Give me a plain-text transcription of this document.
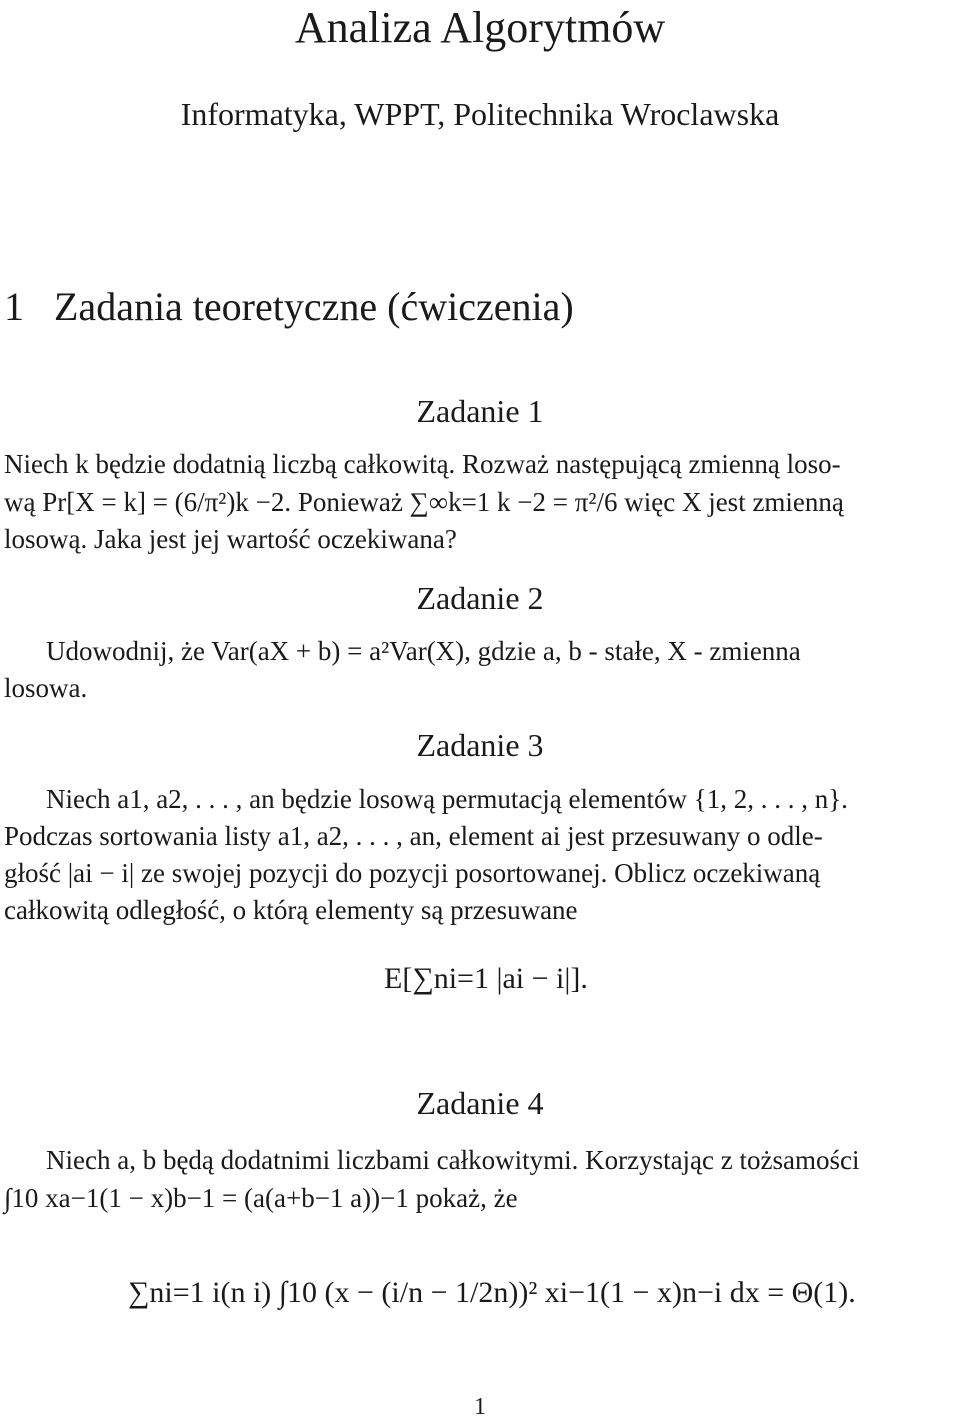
Analiza Algorytmów
Informatyka, WPPT, Politechnika Wroclawska
1 Zadania teoretyczne (ćwiczenia)
Zadanie 1
Niech k będzie dodatnią liczbą całkowitą. Rozważ następującą zmienną loso-
wą Pr[X = k] = (6/π²)k −2. Ponieważ ∑∞k=1 k −2 = π²/6 więc X jest zmienną
losową. Jaka jest jej wartość oczekiwana?
Zadanie 2
Udowodnij, że Var(aX + b) = a²Var(X), gdzie a, b - stałe, X - zmienna
losowa.
Zadanie 3
Niech a1, a2, . . . , an będzie losową permutacją elementów {1, 2, . . . , n}.
Podczas sortowania listy a1, a2, . . . , an, element ai jest przesuwany o odle-
głość |ai − i| ze swojej pozycji do pozycji posortowanej. Oblicz oczekiwaną
całkowitą odległość, o którą elementy są przesuwane
E[∑ni=1 |ai − i|].
Zadanie 4
Niech a, b będą dodatnimi liczbami całkowitymi. Korzystając z tożsamości
∫10 xa−1(1 − x)b−1 = (a(a+b−1 a))−1 pokaż, że
∑ni=1 i(n i) ∫10 (x − (i/n − 1/2n))² xi−1(1 − x)n−i dx = Θ(1).
1
